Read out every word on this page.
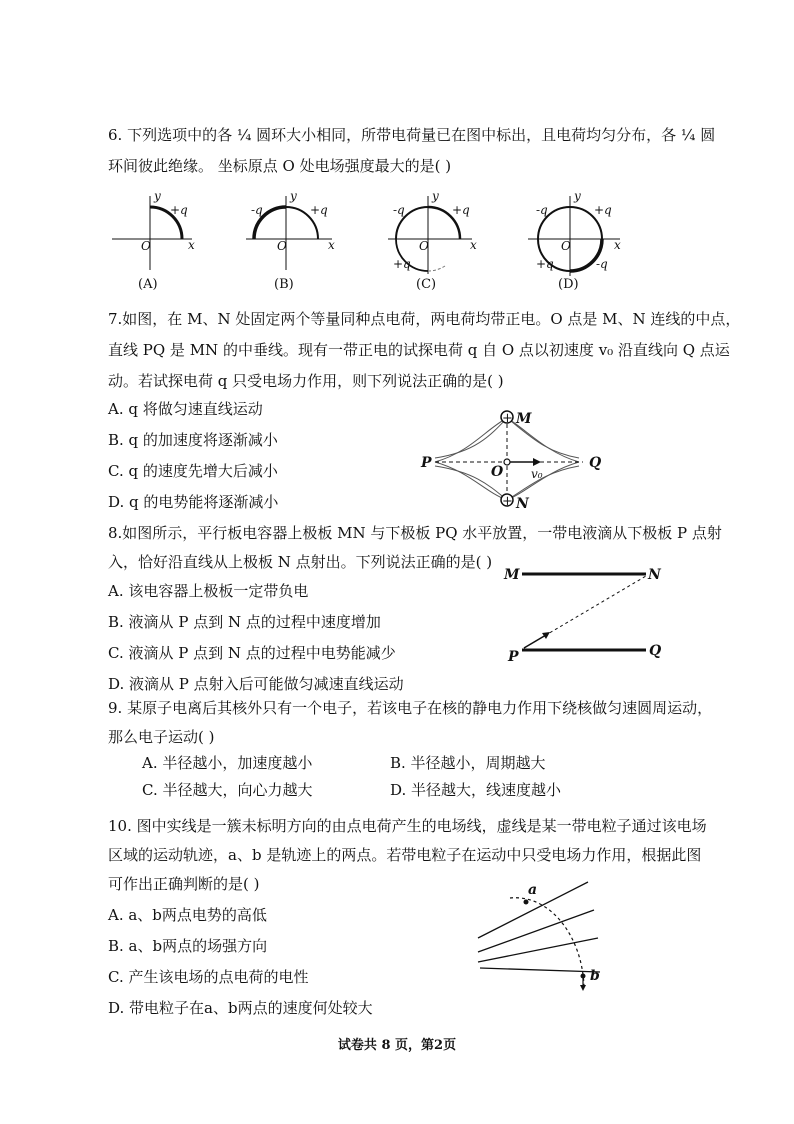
6. 下列选项中的各 ¼ 圆环大小相同，所带电荷量已在图中标出，且电荷均匀分布，各 ¼ 圆
环间彼此绝缘。 坐标原点 O 处电场强度最大的是( )
y
x
O
+q
(A)
y
x
O
-q	+q
(B)
y
x
O
-q	+q
+q
(C)
y
x
O
-q	+q
+q	-q
(D)
7.如图，在 M、N 处固定两个等量同种点电荷，两电荷均带正电。O 点是 M、N 连线的中点，
直线 PQ 是 MN 的中垂线。现有一带正电的试探电荷 q 自 O 点以初速度 v₀ 沿直线向 Q 点运
动。若试探电荷 q 只受电场力作用，则下列说法正确的是( )
A. q 将做匀速直线运动
B. q 的加速度将逐渐减小
C. q 的速度先增大后减小
D. q 的电势能将逐渐减小
+
+
M
N
P	Q
O v₀
8.如图所示，平行板电容器上极板 MN 与下极板 PQ 水平放置，一带电液滴从下极板 P 点射
入，恰好沿直线从上极板 N 点射出。下列说法正确的是( )
A. 该电容器上极板一定带负电
B. 液滴从 P 点到 N 点的过程中速度增加
C. 液滴从 P 点到 N 点的过程中电势能减少
D. 液滴从 P 点射入后可能做匀减速直线运动
M	N
P	Q
9. 某原子电离后其核外只有一个电子，若该电子在核的静电力作用下绕核做匀速圆周运动，
那么电子运动( )
A. 半径越小，加速度越小	B. 半径越小，周期越大
C. 半径越大，向心力越大	D. 半径越大，线速度越小
10. 图中实线是一簇未标明方向的由点电荷产生的电场线，虚线是某一带电粒子通过该电场
区域的运动轨迹，a、b 是轨迹上的两点。若带电粒子在运动中只受电场力作用，根据此图
可作出正确判断的是( )
A. a、b两点电势的高低
B. a、b两点的场强方向
C. 产生该电场的点电荷的电性
D. 带电粒子在a、b两点的速度何处较大
a
b
试卷共 8 页，第2页
